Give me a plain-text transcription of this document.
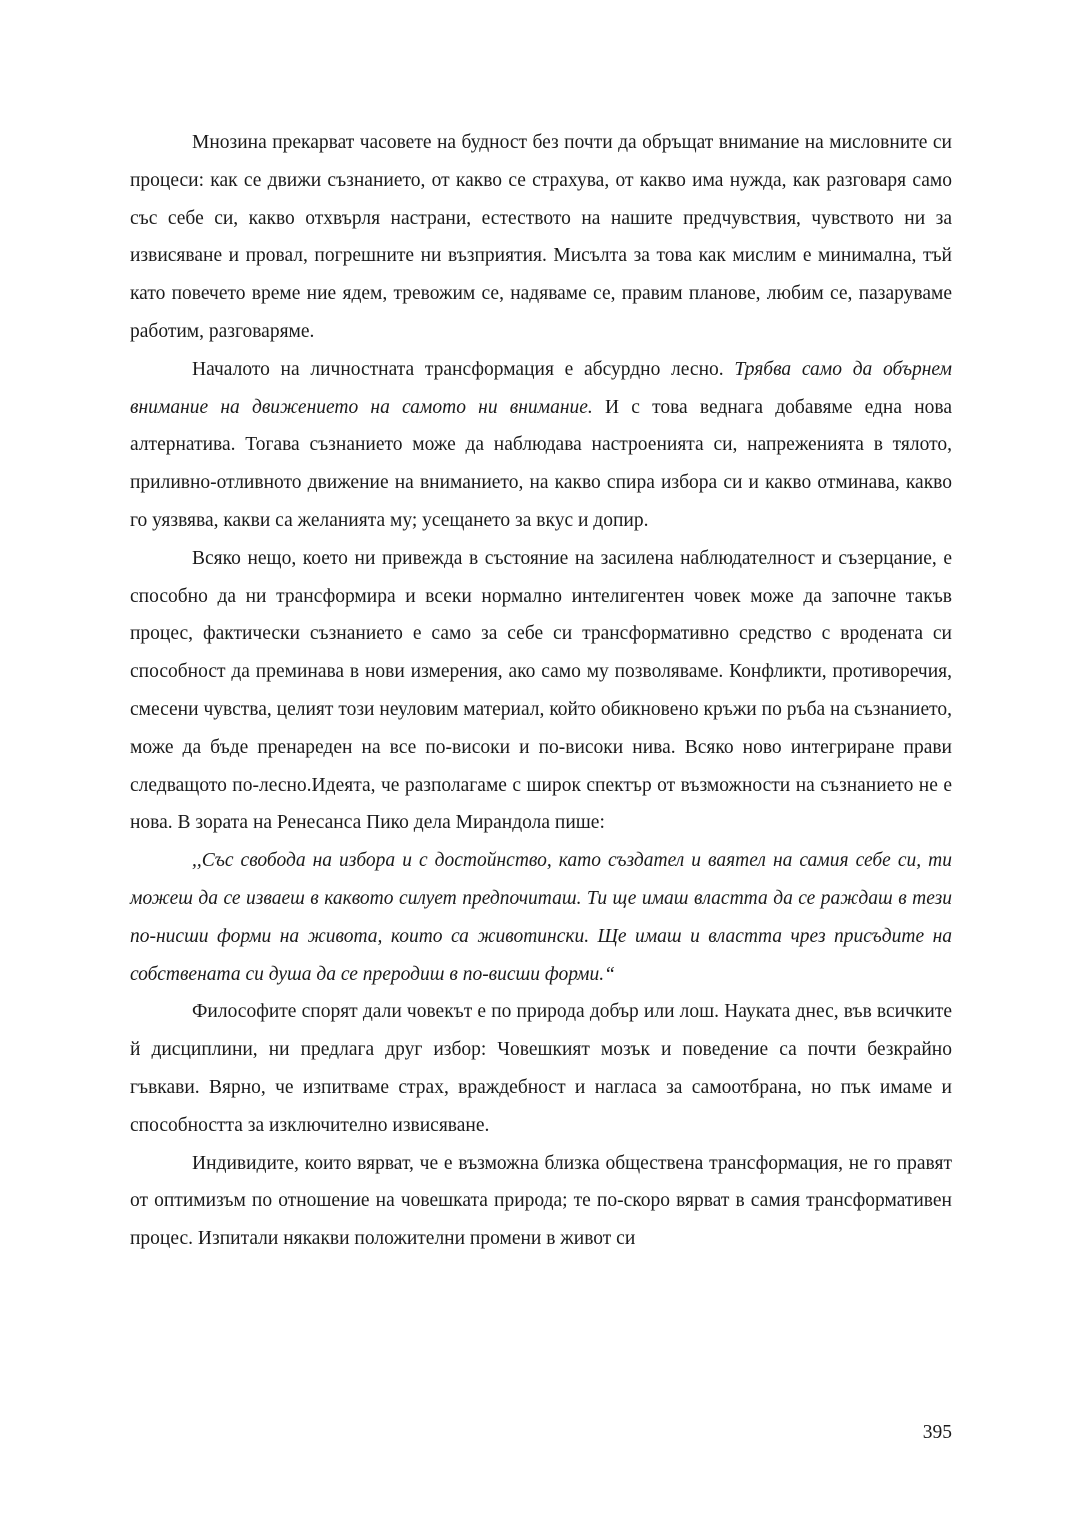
Мнозина прекарват часовете на будност без почти да обръщат внимание на мисловните си процеси: как се движи съзнанието, от какво се страхува, от какво има нужда, как разговаря само със себе си, какво отхвърля настрани, естеството на нашите предчувствия, чувството ни за извисяване и провал, погрешните ни възприятия. Мисълта за това как мислим е минимална, тъй като повечето време ние ядем, тревожим се, надяваме се, правим планове, любим се, пазаруваме работим, разговаряме.

Началото на личностната трансформация е абсурдно лесно. Трябва само да обърнем внимание на движението на самото ни внимание. И с това веднага добавяме една нова алтернатива. Тогава съзнанието може да наблюдава настроенията си, напреженията в тялото, приливно-отливното движение на вниманието, на какво спира избора си и какво отминава, какво го уязвява, какви са желанията му; усещането за вкус и допир.

Всяко нещо, което ни привежда в състояние на засилена наблюдателност и съзерцание, е способно да ни трансформира и всеки нормално интелигентен човек може да започне такъв процес, фактически съзнанието е само за себе си трансформативно средство с вродената си способност да преминава в нови измерения, ако само му позволяваме. Конфликти, противоречия, смесени чувства, целият този неуловим материал, който обикновено кръжи по ръба на съзнанието, може да бъде пренареден на все по-високи и по-високи нива. Всяко ново интегриране прави следващото по-лесно.Идеята, че разполагаме с широк спектър от възможности на съзнанието не е нова. В зората на Ренесанса Пико дела Мирандола пише:

,,Със свобода на избора и с достойнство, като създател и ваятел на самия себе си, ти можеш да се изваеш в каквото силует предпочиташ. Ти ще имаш властта да се раждаш в тези по-нисши форми на живота, които са животински. Ще имаш и властта чрез присъдите на собствената си душа да се преродиш в по-висши форми.“

Философите спорят дали човекът е по природа добър или лош. Науката днес, във всичките й дисциплини, ни предлага друг избор: Човешкият мозък и поведение са почти безкрайно гъвкави. Вярно, че изпитваме страх, враждебност и нагласа за самоотбрана, но пък имаме и способността за изключително извисяване.

Индивидите, които вярват, че е възможна близка обществена трансформация, не го правят от оптимизъм по отношение на човешката природа; те по-скоро вярват в самия трансформативен процес. Изпитали някакви положителни промени в живот си

395
